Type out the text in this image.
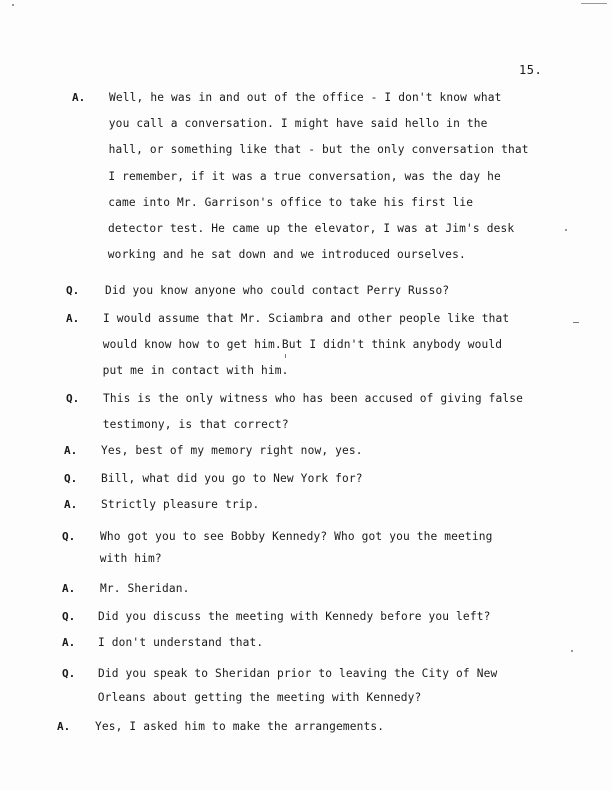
15.
A. Well, he was in and out of the office - I don't know what
you call a conversation. I might have said hello in the
hall, or something like that - but the only conversation that
I remember, if it was a true conversation, was the day he
came into Mr. Garrison's office to take his first lie
detector test. He came up the elevator, I was at Jim's desk
working and he sat down and we introduced ourselves.
Q. Did you know anyone who could contact Perry Russo?
A. I would assume that Mr. Sciambra and other people like that
would know how to get him.But I didn't think anybody would
put me in contact with him.
Q. This is the only witness who has been accused of giving false
testimony, is that correct?
A. Yes, best of my memory right now, yes.
Q. Bill, what did you go to New York for?
A. Strictly pleasure trip.
Q. Who got you to see Bobby Kennedy? Who got you the meeting
with him?
A. Mr. Sheridan.
Q. Did you discuss the meeting with Kennedy before you left?
A. I don't understand that.
Q. Did you speak to Sheridan prior to leaving the City of New
Orleans about getting the meeting with Kennedy?
A. Yes, I asked him to make the arrangements.
